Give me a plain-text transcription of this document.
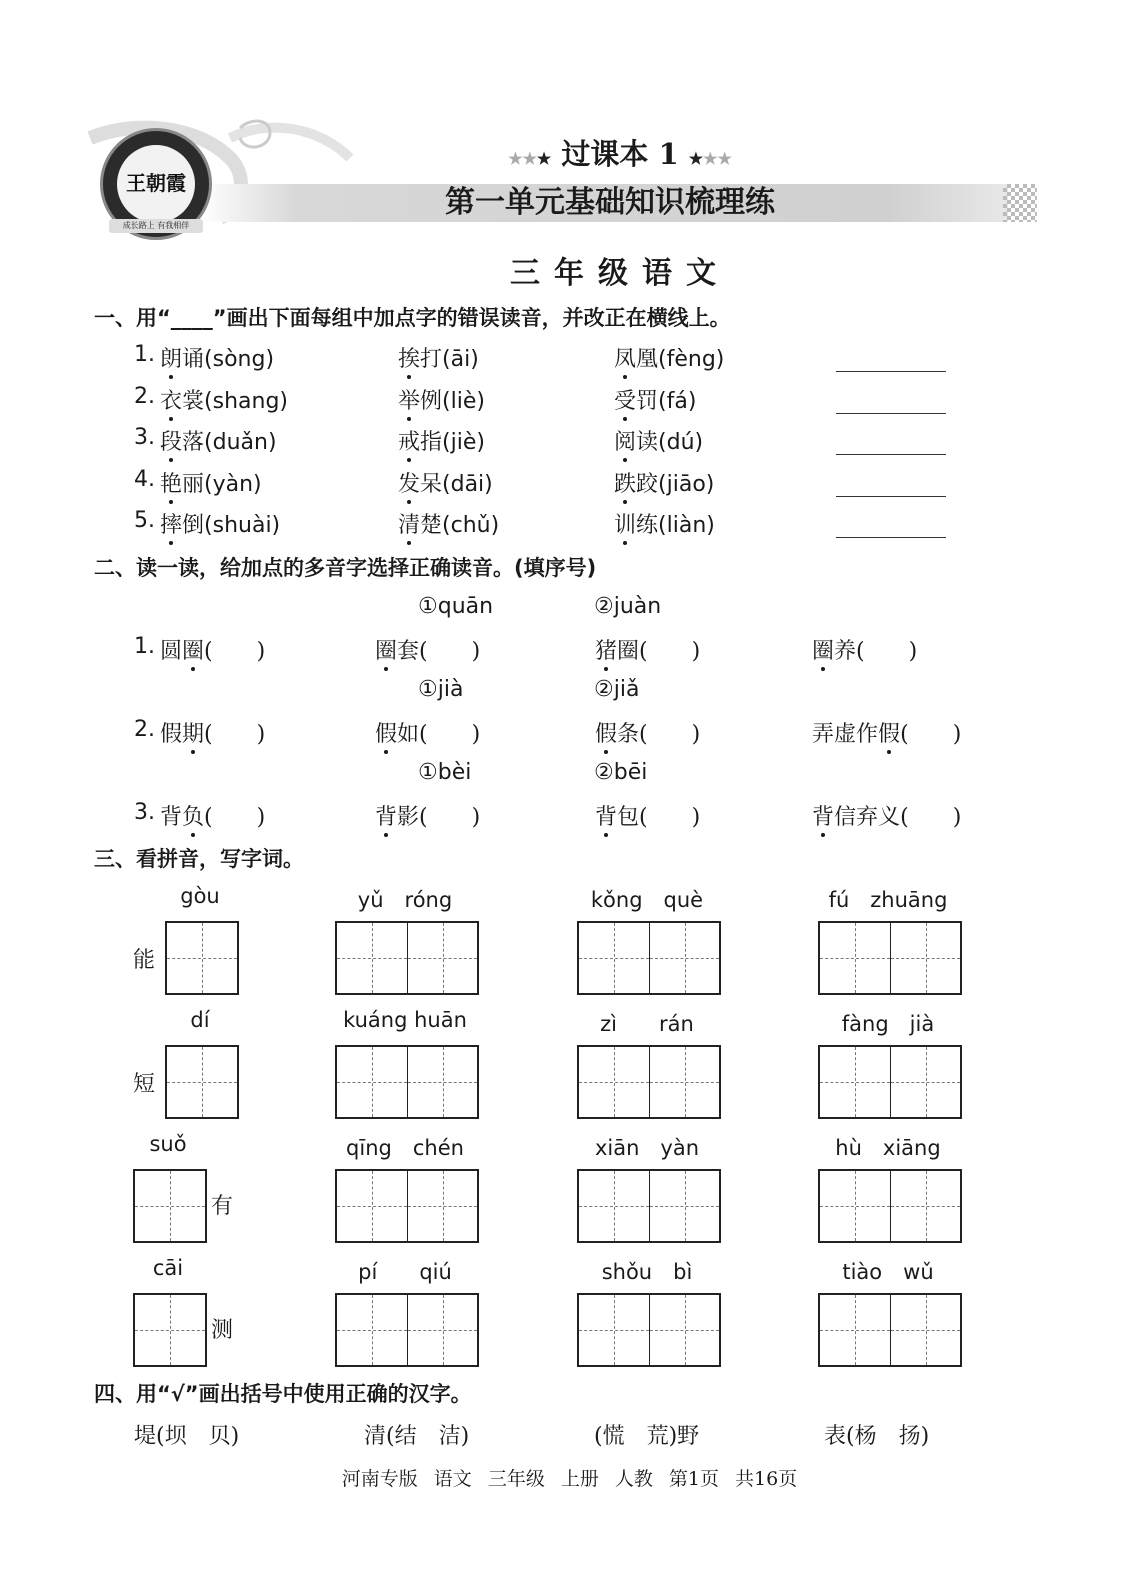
王朝霞
成长路上 有我相伴
★★★ 过课本 1 ★★★
第一单元基础知识梳理练
三年级语文
一、用“____”画出下面每组中加点字的错误读音，并改正在横线上。
1. 朗诵(sòng)	挨打(āi)	凤凰(fèng)
2. 衣裳(shang)	举例(liè)	受罚(fá)
3. 段落(duǎn)	戒指(jiè)	阅读(dú)
4. 艳丽(yàn)	发呆(dāi)	跌跤(jiāo)
5. 摔倒(shuài)	清楚(chǔ)	训练(liàn)
二、读一读，给加点的多音字选择正确读音。(填序号)
①quān	②juàn
1. 圆圈(　　 )	圈套(　　 )	猪圈(　　 )	圈养(　　 )
①jià	②jiǎ
2. 假期(　　 )	假如(　　 )	假条(　　 )	弄虚作假(　　 )
①bèi	②bēi
3. 背负(　　 )	背影(　　 )	背包(　　 )	背信弃义(　　 )
三、看拼音，写字词。
gòu
能
yǔ　róng	kǒng　què	fú　zhuāng
dí
短
kuáng huān	zì　　rán	fàng　jià
suǒ
有
qīng　chén	xiān　yàn	hù　xiāng
cāi
测
pí　　qiú	shǒu　bì	tiào　wǔ
四、用“√”画出括号中使用正确的汉字。
堤(坝　贝)	清(结　洁)	(慌　荒)野	表(杨　扬)
河南专版 语文 三年级 上册 人教 第1页 共16页
